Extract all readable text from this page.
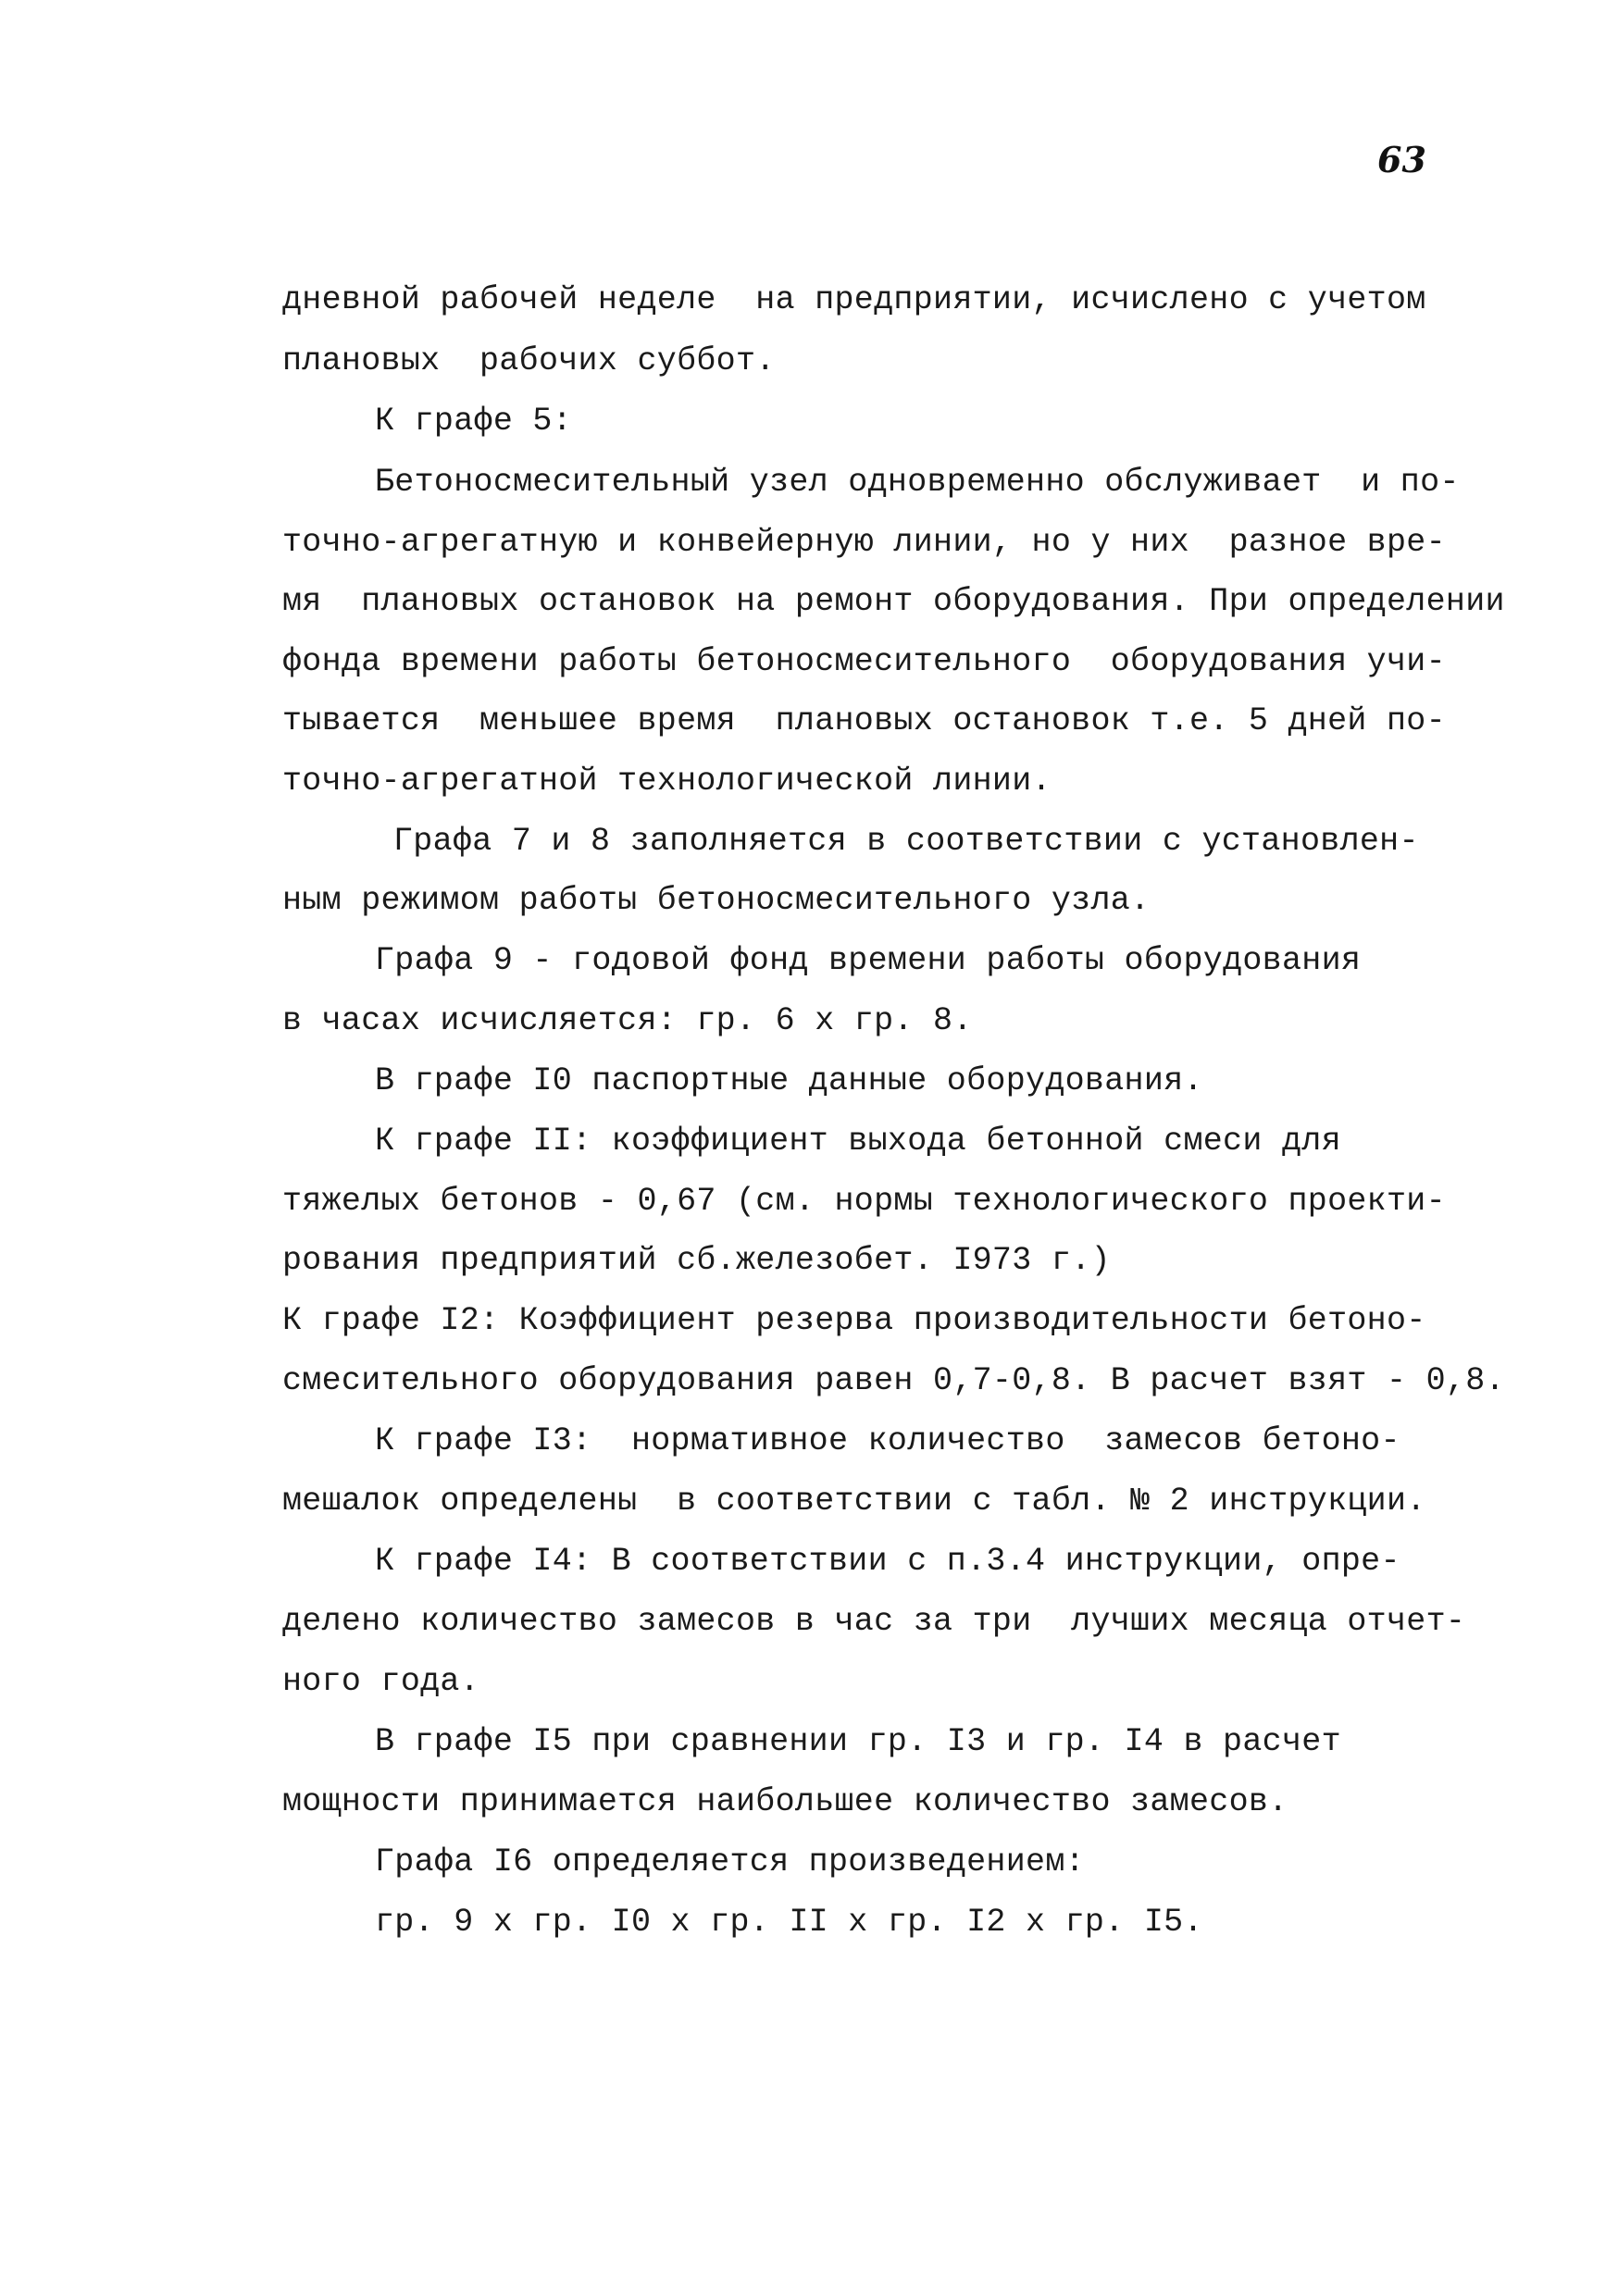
63
дневной рабочей неделе  на предприятии, исчислено с учетом
плановых  рабочих суббот.
К графе 5:
Бетоносмесительный узел одновременно обслуживает  и по-
точно-агрегатную и конвейерную линии, но у них  разное вре-
мя  плановых остановок на ремонт оборудования. При определении
фонда времени работы бетоносмесительного  оборудования учи-
тывается  меньшее время  плановых остановок т.е. 5 дней по-
точно-агрегатной технологической линии.
Графа 7 и 8 заполняется в соответствии с установлен-
ным режимом работы бетоносмесительного узла.
Графа 9 - годовой фонд времени работы оборудования
в часах исчисляется: гр. 6 х гр. 8.
В графе I0 паспортные данные оборудования.
К графе II: коэффициент выхода бетонной смеси для
тяжелых бетонов - 0,67 (см. нормы технологического проекти-
рования предприятий сб.железобет. I973 г.)
К графе I2: Коэффициент резерва производительности бетоно-
смесительного оборудования равен 0,7-0,8. В расчет взят - 0,8.
К графе I3:  нормативное количество  замесов бетоно-
мешалок определены  в соответствии с табл. № 2 инструкции.
К графе I4: В соответствии с п.3.4 инструкции, опре-
делено количество замесов в час за три  лучших месяца отчет-
ного года.
В графе I5 при сравнении гр. I3 и гр. I4 в расчет
мощности принимается наибольшее количество замесов.
Графа I6 определяется произведением:
гр. 9 х гр. I0 х гр. II х гр. I2 х гр. I5.
